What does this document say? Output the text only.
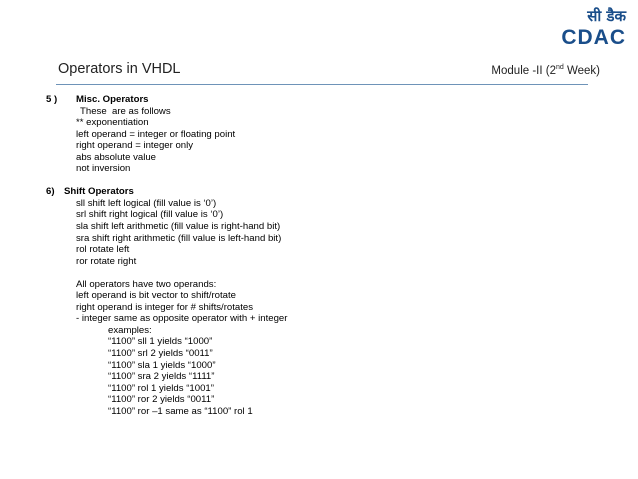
सी डैक
CDAC
Operators in VHDL	Module -II (2nd Week)
5 ) Misc. Operators
These  are as follows
** exponentiation
left operand = integer or floating point
right operand = integer only
abs absolute value
not inversion
6) Shift Operators
sll shift left logical (fill value is ‘0’)
srl shift right logical (fill value is ‘0’)
sla shift left arithmetic (fill value is right-hand bit)
sra shift right arithmetic (fill value is left-hand bit)
rol rotate left
ror rotate right
All operators have two operands:
left operand is bit vector to shift/rotate
right operand is integer for # shifts/rotates
- integer same as opposite operator with + integer
examples:
“1100” sll 1 yields “1000”
“1100” srl 2 yields “0011”
“1100” sla 1 yields “1000”
“1100” sra 2 yields “1111”
“1100” rol 1 yields “1001”
“1100” ror 2 yields “0011”
“1100” ror –1 same as “1100” rol 1
